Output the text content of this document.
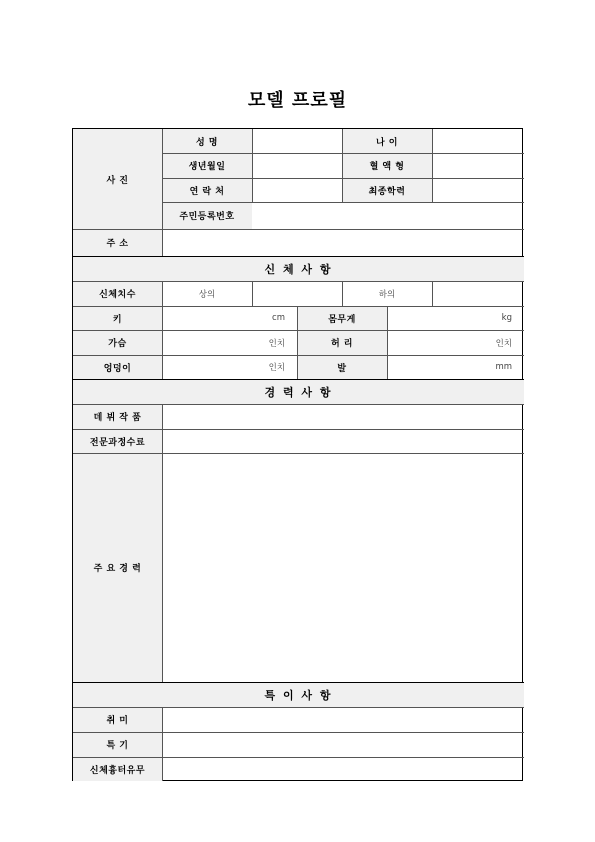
모델 프로필
사 진
성 명	나 이
생년월일	혈 액 형
연 락 처	최종학력
주민등록번호
주 소
신 체 사 항
신체치수	상의	하의
키	cm	몸무게	kg
가슴	인치	허 리	인치
엉덩이	인치	발	mm
경 력 사 항
데 뷔 작 품
전문과정수료
주 요 경 력
특 이 사 항
취 미
특 기
신체흉터유무
